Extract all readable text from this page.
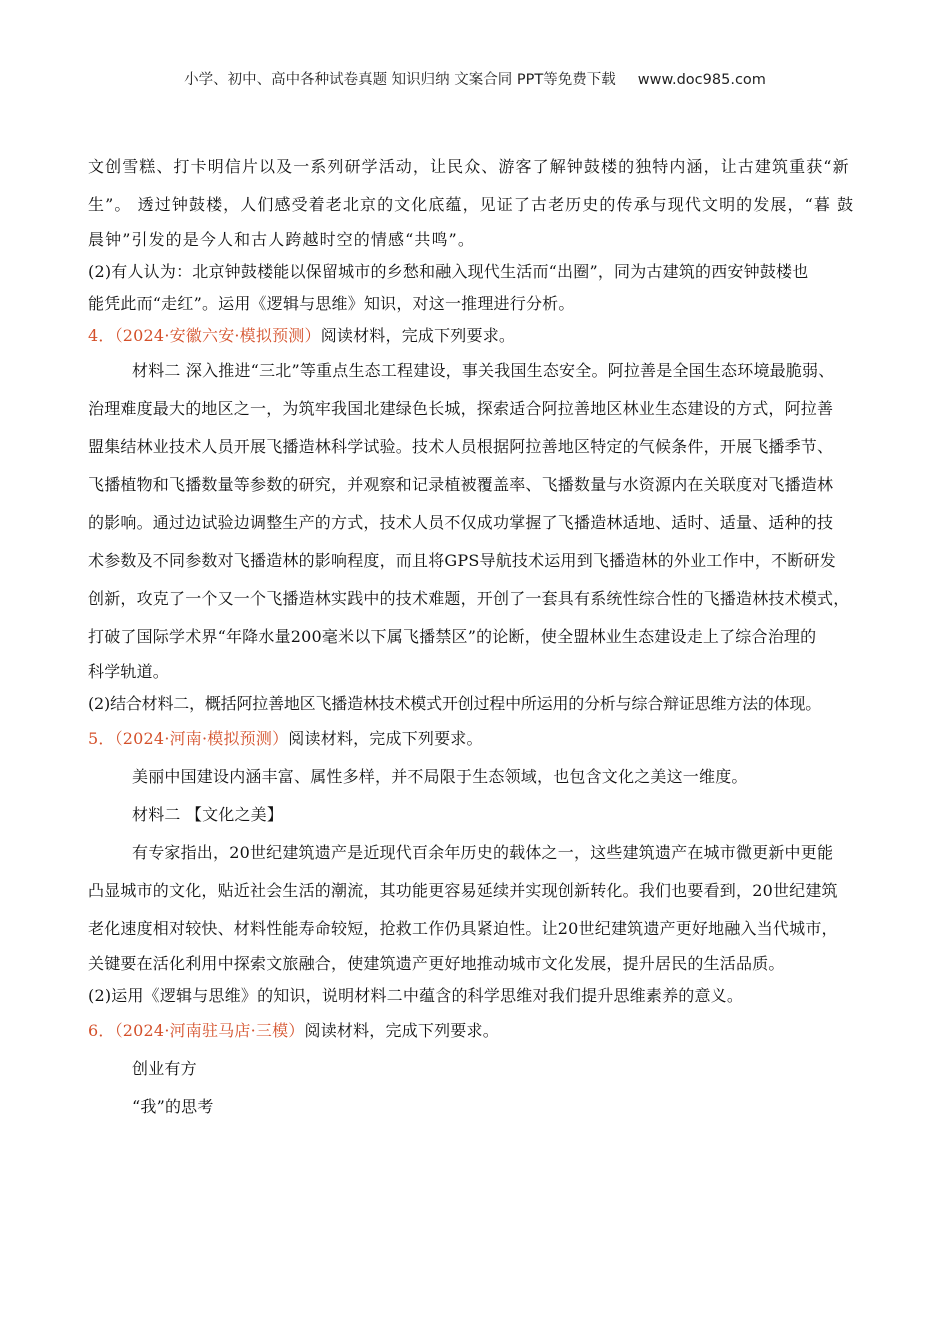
小学、初中、高中各种试卷真题 知识归纳 文案合同 PPT等免费下载 www.doc985.com
文创雪糕、打卡明信片以及一系列研学活动，让民众、游客了解钟鼓楼的独特内涵，让古建筑重获“新
生”。 透过钟鼓楼，人们感受着老北京的文化底蕴，见证了古老历史的传承与现代文明的发展，“暮 鼓
晨钟”引发的是今人和古人跨越时空的情感“共鸣”。
(2)有人认为：北京钟鼓楼能以保留城市的乡愁和融入现代生活而“出圈”，同为古建筑的西安钟鼓楼也
能凭此而“走红”。运用《逻辑与思维》知识，对这一推理进行分析。
4．（2024·安徽六安·模拟预测）阅读材料，完成下列要求。
材料二 深入推进“三北”等重点生态工程建设，事关我国生态安全。阿拉善是全国生态环境最脆弱、
治理难度最大的地区之一，为筑牢我国北建绿色长城，探索适合阿拉善地区林业生态建设的方式，阿拉善
盟集结林业技术人员开展飞播造林科学试验。技术人员根据阿拉善地区特定的气候条件，开展飞播季节、
飞播植物和飞播数量等参数的研究，并观察和记录植被覆盖率、飞播数量与水资源内在关联度对飞播造林
的影响。通过边试验边调整生产的方式，技术人员不仅成功掌握了飞播造林适地、适时、适量、适种的技
术参数及不同参数对飞播造林的影响程度，而且将GPS导航技术运用到飞播造林的外业工作中，不断研发
创新，攻克了一个又一个飞播造林实践中的技术难题，开创了一套具有系统性综合性的飞播造林技术模式，
打破了国际学术界“年降水量200毫米以下属飞播禁区”的论断，使全盟林业生态建设走上了综合治理的
科学轨道。
(2)结合材料二，概括阿拉善地区飞播造林技术模式开创过程中所运用的分析与综合辩证思维方法的体现。
5．（2024·河南·模拟预测）阅读材料，完成下列要求。
美丽中国建设内涵丰富、属性多样，并不局限于生态领域，也包含文化之美这一维度。
材料二 【文化之美】
有专家指出，20世纪建筑遗产是近现代百余年历史的载体之一，这些建筑遗产在城市微更新中更能
凸显城市的文化，贴近社会生活的潮流，其功能更容易延续并实现创新转化。我们也要看到，20世纪建筑
老化速度相对较快、材料性能寿命较短，抢救工作仍具紧迫性。让20世纪建筑遗产更好地融入当代城市，
关键要在活化利用中探索文旅融合，使建筑遗产更好地推动城市文化发展，提升居民的生活品质。
(2)运用《逻辑与思维》的知识，说明材料二中蕴含的科学思维对我们提升思维素养的意义。
6．（2024·河南驻马店·三模）阅读材料，完成下列要求。
创业有方
“我”的思考
